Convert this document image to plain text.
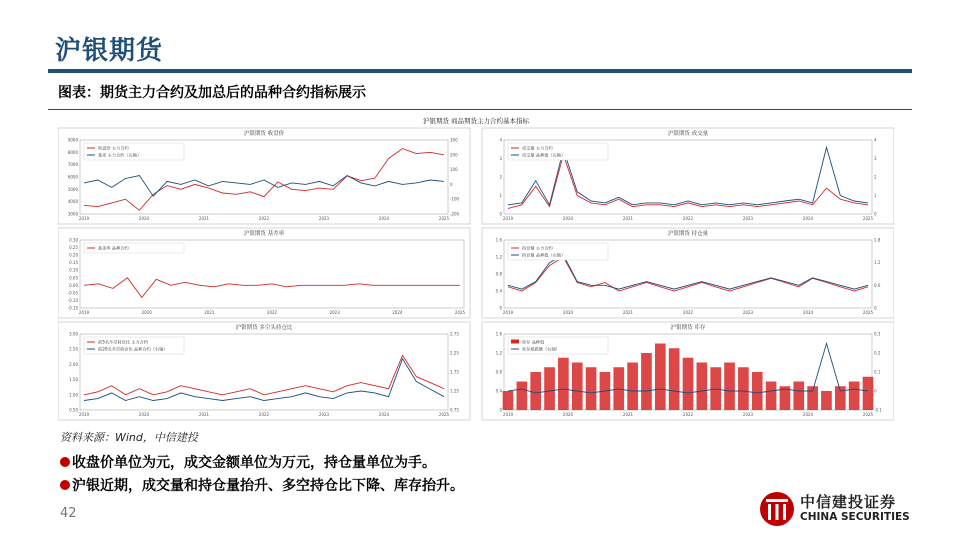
沪银期货
图表：期货主力合约及加总后的品种合约指标展示
沪银期货 商品期货主力合约基本指标
沪银期货 收盘价
2019	2020	2021	2022	2023	2024	2025
3000
4000
5000
6000
7000
8000
9000	300
200
100
0
-100
-200
收盘价 主力合约
基差 主力合约（右轴）
沪银期货 成交量
2019	2020	2021	2022	2023	2024	2025
0
1
2
3
4
0
1
2
3
4
成交量 主力合约
成交量 品种值（右轴）
沪银期货 基差率
2019	2020	2021	2022	2023	2024	2025
0.30
0.25
0.20
0.15
0.10
0.05
0.00
-0.05
-0.10
-0.15
基差率 品种合约
沪银期货 持仓量
2019	2020	2021	2022	2023	2024	2025
0
0.4
0.8
1.2
1.6
0
0.6
1.2
1.8
持仓量 主力合约
持仓量 品种值（右轴）
沪银期货 多空头持仓比
2019	2020	2021	2022	2023	2024	2025
0.50
1.00
1.50
2.00
2.50
3.00
0.75
1.25
1.75
2.25
2.75
前5名多空持仓比 主力合约
前20名多空持仓比 品种合约（右轴）
沪银期货 库存
2019	2020	2021	2022	2023	2024	2025
0
0.4
0.8
1.2
1.6	0.3
0.2
0.1
0
-0.1
库存 品种值
库存涨跌额（右轴）
资料来源：Wind，中信建投
收盘价单位为元，成交金额单位为万元，持仓量单位为手。
沪银近期，成交量和持仓量抬升、多空持仓比下降、库存抬升。
42
中信建投证券
CHINA SECURITIES
